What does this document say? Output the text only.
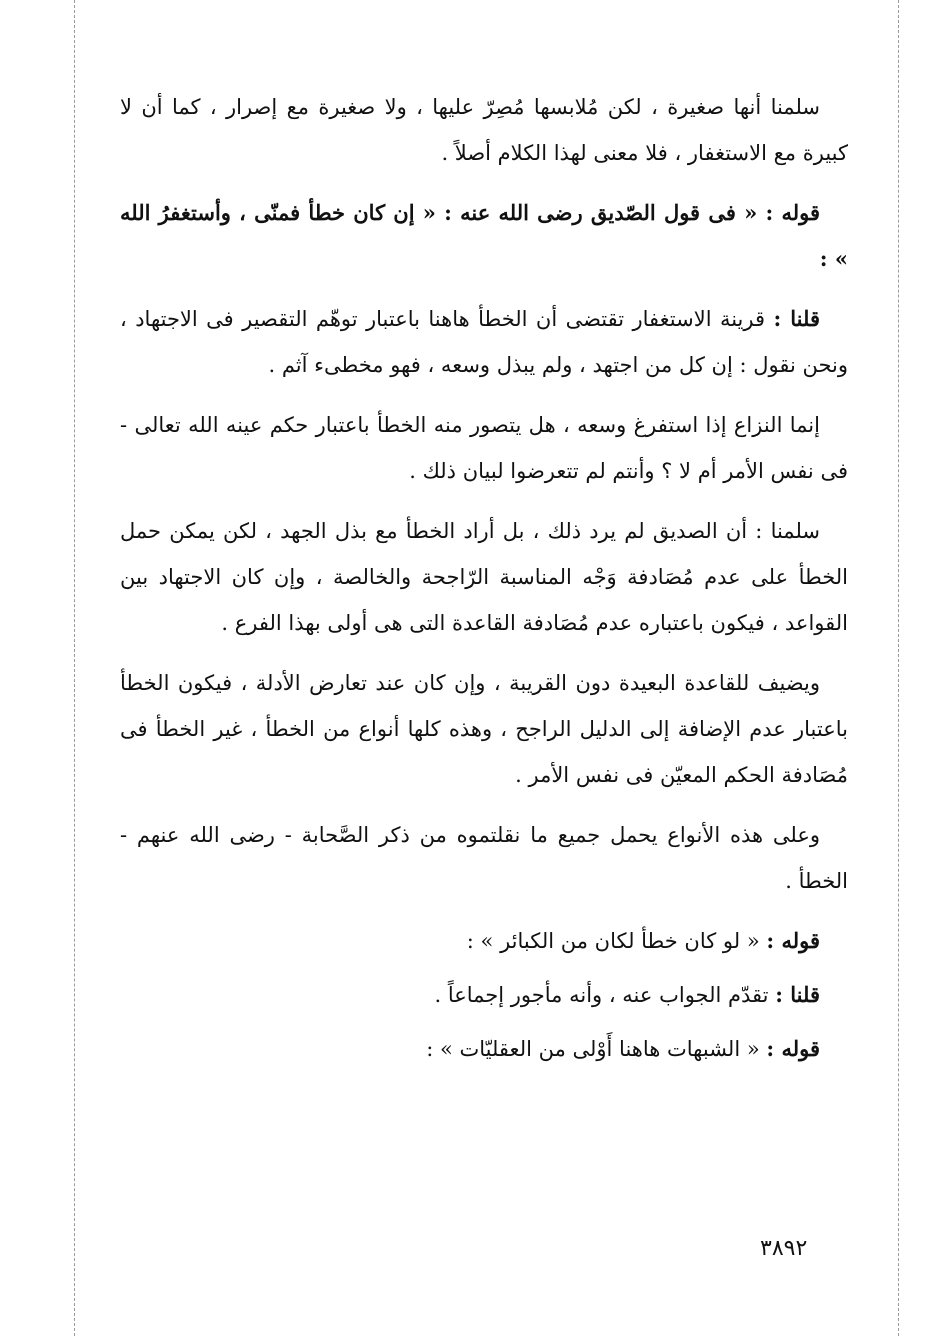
سلمنا أنها صغيرة ، لكن مُلابسها مُصِرّ عليها ، ولا صغيرة مع إصرار ، كما أن لا كبيرة مع الاستغفار ، فلا معنى لهذا الكلام أصلاً .

قوله : « فى قول الصّديق رضى الله عنه : « إن كان خطأ فمنّى ، وأستغفرُ الله » :

قلنا : قرينة الاستغفار تقتضى أن الخطأ هاهنا باعتبار توهّم التقصير فى الاجتهاد ، ونحن نقول : إن كل من اجتهد ، ولم يبذل وسعه ، فهو مخطىء آثم .

إنما النزاع إذا استفرغ وسعه ، هل يتصور منه الخطأ باعتبار حكم عينه الله تعالى - فى نفس الأمر أم لا ؟ وأنتم لم تتعرضوا لبيان ذلك .

سلمنا : أن الصديق لم يرد ذلك ، بل أراد الخطأ مع بذل الجهد ، لكن يمكن حمل الخطأ على عدم مُصَادفة وَجْه المناسبة الرّاجحة والخالصة ، وإن كان الاجتهاد بين القواعد ، فيكون باعتباره عدم مُصَادفة القاعدة التى هى أولى بهذا الفرع .

ويضيف للقاعدة البعيدة دون القريبة ، وإن كان عند تعارض الأدلة ، فيكون الخطأ باعتبار عدم الإضافة إلى الدليل الراجح ، وهذه كلها أنواع من الخطأ ، غير الخطأ فى مُصَادفة الحكم المعيّن فى نفس الأمر .

وعلى هذه الأنواع يحمل جميع ما نقلتموه من ذكر الصَّحابة - رضى الله عنهم - الخطأ .

قوله : « لو كان خطأ لكان من الكبائر » :

قلنا : تقدّم الجواب عنه ، وأنه مأجور إجماعاً .

قوله : « الشبهات هاهنا أَوْلى من العقليّات » :

٣٨٩٢
